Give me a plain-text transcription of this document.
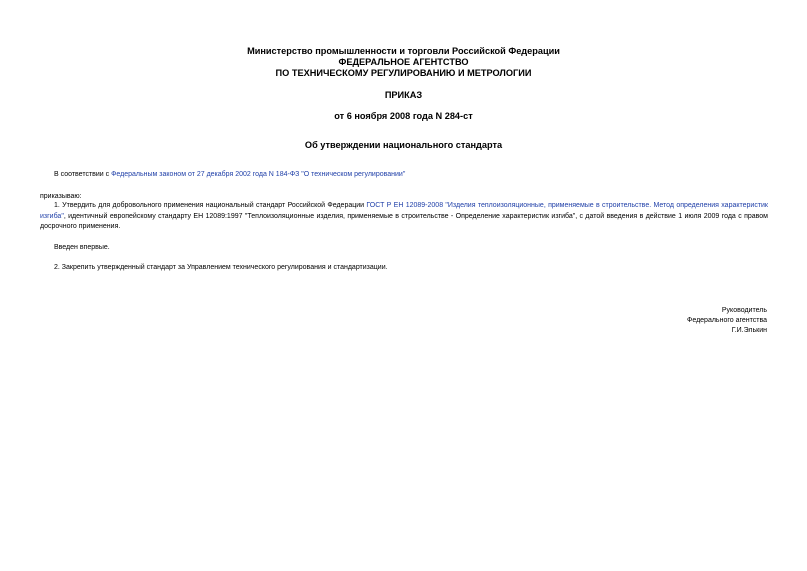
Министерство промышленности и торговли Российской Федерации

ФЕДЕРАЛЬНОЕ АГЕНТСТВО

ПО ТЕХНИЧЕСКОМУ РЕГУЛИРОВАНИЮ И МЕТРОЛОГИИ

ПРИКАЗ

от 6 ноября 2008 года N 284-ст

Об утверждении национального стандарта

В соответствии с Федеральным законом от 27 декабря 2002 года N 184-ФЗ "О техническом регулировании"

приказываю:

1. Утвердить для добровольного применения национальный стандарт Российской Федерации ГОСТ Р ЕН 12089-2008 "Изделия теплоизоляционные, применяемые в строительстве. Метод определения характеристик изгиба", идентичный европейскому стандарту ЕН 12089:1997 "Теплоизоляционные изделия, применяемые в строительстве - Определение характеристик изгиба", с датой введения в действие 1 июля 2009 года с правом досрочного применения.

Введен впервые.

2. Закрепить утвержденный стандарт за Управлением технического регулирования и стандартизации.

Руководитель

Федерального агентства

Г.И.Элькин
